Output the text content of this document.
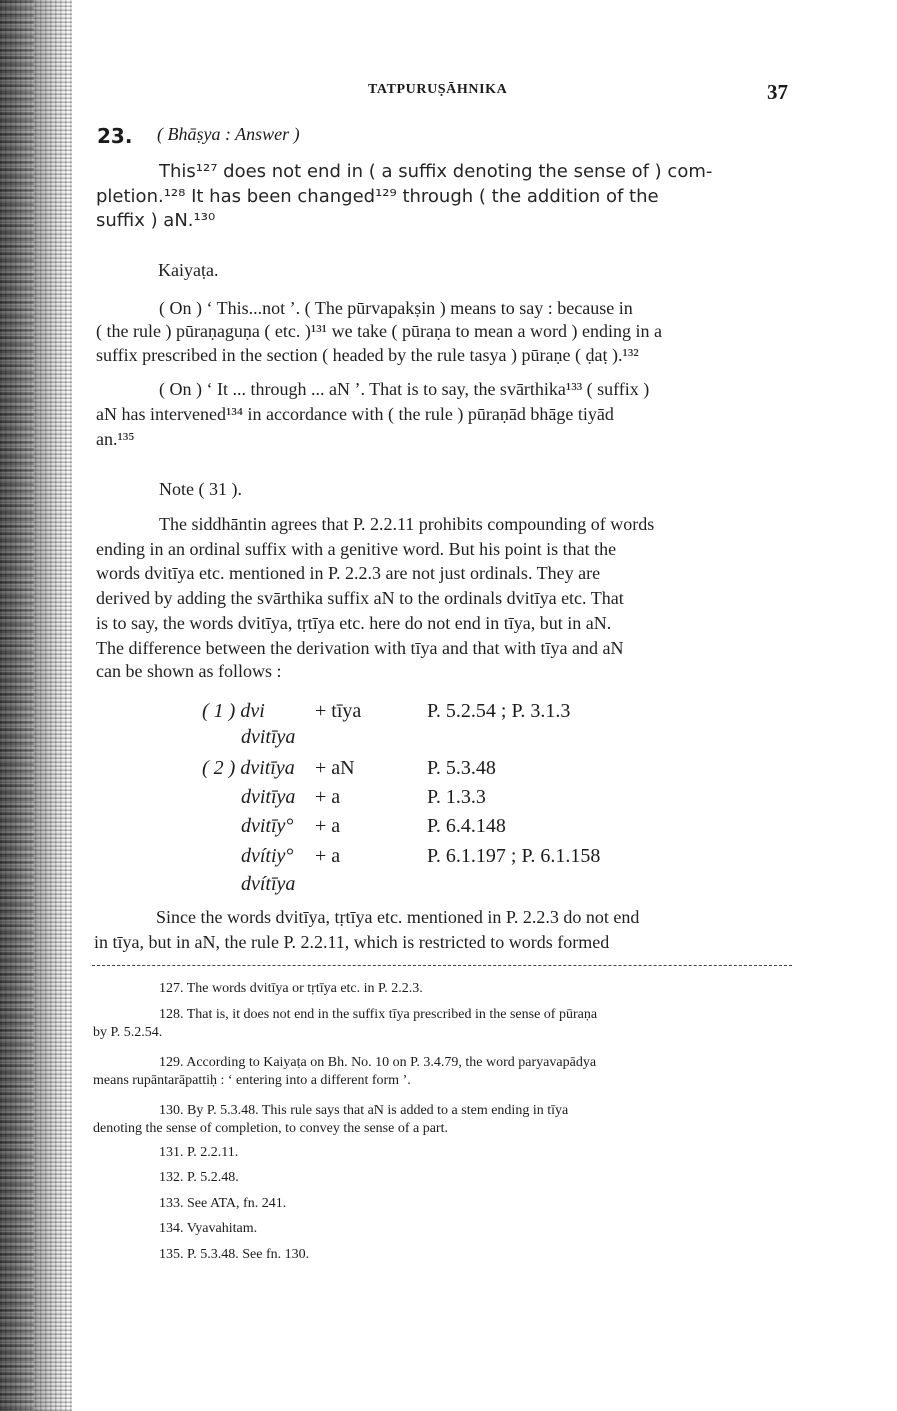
TATPURUṢĀHNIKA	37
23. ( Bhāṣya : Answer )
This¹²⁷ does not end in ( a suffix denoting the sense of ) com-
pletion.¹²⁸ It has been changed¹²⁹ through ( the addition of the
suffix ) aN.¹³⁰
Kaiyaṭa.
( On ) ‘ This...not ’. ( The pūrvapakṣin ) means to say : because in
( the rule ) pūraṇaguṇa ( etc. )¹³¹ we take ( pūraṇa to mean a word ) ending in a
suffix prescribed in the section ( headed by the rule tasya ) pūraṇe ( ḍaṭ ).¹³²
( On ) ‘ It ... through ... aN ’. That is to say, the svārthika¹³³ ( suffix )
aN has intervened¹³⁴ in accordance with ( the rule ) pūraṇād bhāge tiyād
an.¹³⁵
Note ( 31 ).
The siddhāntin agrees that P. 2.2.11 prohibits compounding of words
ending in an ordinal suffix with a genitive word. But his point is that the
words dvitīya etc. mentioned in P. 2.2.3 are not just ordinals. They are
derived by adding the svārthika suffix aN to the ordinals dvitīya etc. That
is to say, the words dvitīya, tṛtīya etc. here do not end in tīya, but in aN.
The difference between the derivation with tīya and that with tīya and aN
can be shown as follows :
( 1 ) dvi	+ tīya	P. 5.2.54 ; P. 3.1.3
dvitīya
( 2 ) dvitīya + aN	P. 5.3.48
dvitīya + a	P. 1.3.3
dvitīy° + a	P. 6.4.148
dvítiy° + a	P. 6.1.197 ; P. 6.1.158
dvítīya
Since the words dvitīya, tṛtīya etc. mentioned in P. 2.2.3 do not end
in tīya, but in aN, the rule P. 2.2.11, which is restricted to words formed
127. The words dvitīya or tṛtīya etc. in P. 2.2.3.
128. That is, it does not end in the suffix tīya prescribed in the sense of pūraṇa
by P. 5.2.54.
129. According to Kaiyaṭa on Bh. No. 10 on P. 3.4.79, the word paryavapādya
means rupāntarāpattiḥ : ‘ entering into a different form ’.
130. By P. 5.3.48. This rule says that aN is added to a stem ending in tīya
denoting the sense of completion, to convey the sense of a part.
131. P. 2.2.11.
132. P. 5.2.48.
133. See ATA, fn. 241.
134. Vyavahitam.
135. P. 5.3.48. See fn. 130.
